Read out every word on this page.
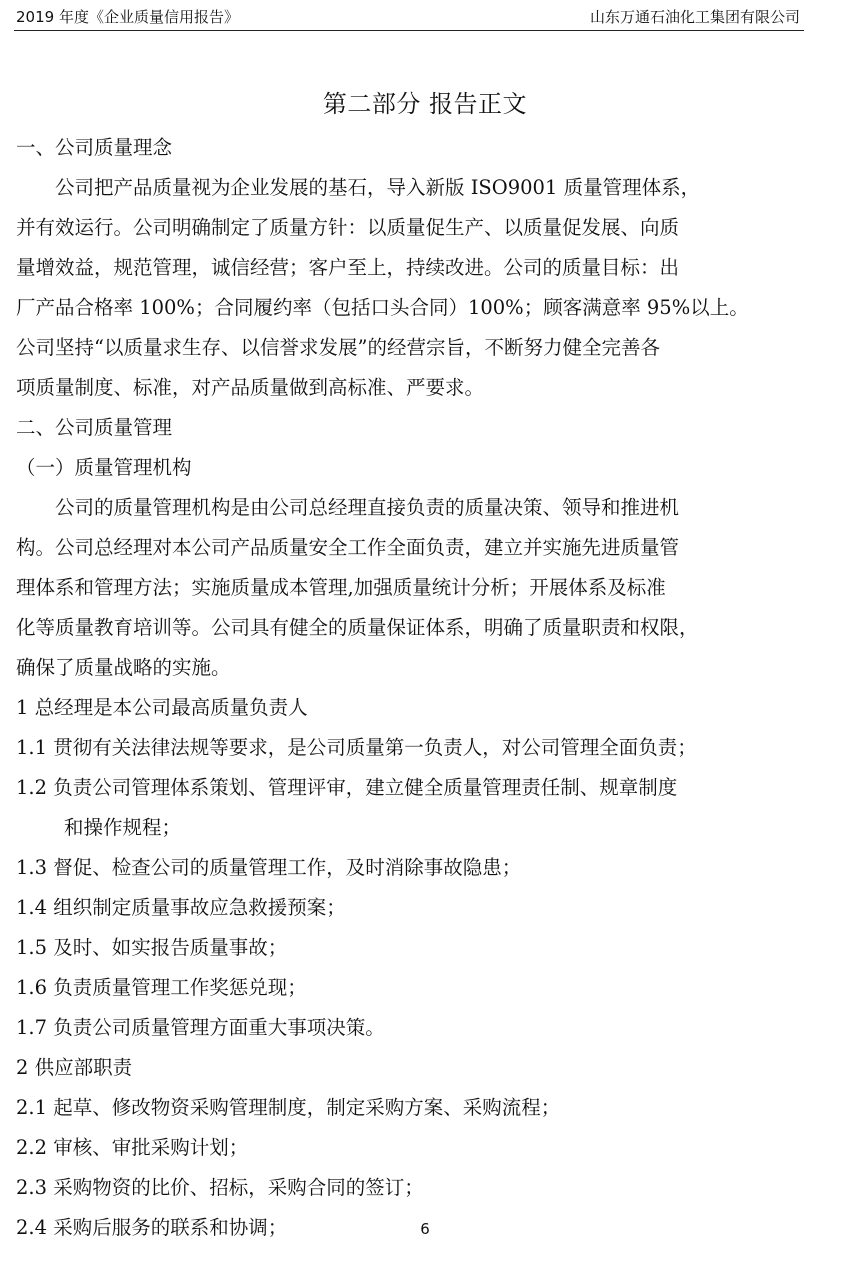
2019 年度《企业质量信用报告》	山东万通石油化工集团有限公司
第二部分 报告正文
一、公司质量理念
公司把产品质量视为企业发展的基石，导入新版 ISO9001 质量管理体系，
并有效运行。公司明确制定了质量方针：以质量促生产、以质量促发展、向质
量增效益，规范管理，诚信经营；客户至上，持续改进。公司的质量目标：出
厂产品合格率 100%；合同履约率（包括口头合同）100%；顾客满意率 95%以上。
公司坚持“以质量求生存、以信誉求发展”的经营宗旨，不断努力健全完善各
项质量制度、标准，对产品质量做到高标准、严要求。
二、公司质量管理
（一）质量管理机构
公司的质量管理机构是由公司总经理直接负责的质量决策、领导和推进机
构。公司总经理对本公司产品质量安全工作全面负责，建立并实施先进质量管
理体系和管理方法；实施质量成本管理,加强质量统计分析；开展体系及标准
化等质量教育培训等。公司具有健全的质量保证体系，明确了质量职责和权限，
确保了质量战略的实施。
1 总经理是本公司最高质量负责人
1.1 贯彻有关法律法规等要求，是公司质量第一负责人，对公司管理全面负责；
1.2 负责公司管理体系策划、管理评审，建立健全质量管理责任制、规章制度
和操作规程；
1.3 督促、检查公司的质量管理工作，及时消除事故隐患；
1.4 组织制定质量事故应急救援预案；
1.5 及时、如实报告质量事故；
1.6 负责质量管理工作奖惩兑现；
1.7 负责公司质量管理方面重大事项决策。
2 供应部职责
2.1 起草、修改物资采购管理制度，制定采购方案、采购流程；
2.2 审核、审批采购计划；
2.3 采购物资的比价、招标，采购合同的签订；
2.4 采购后服务的联系和协调；	6
